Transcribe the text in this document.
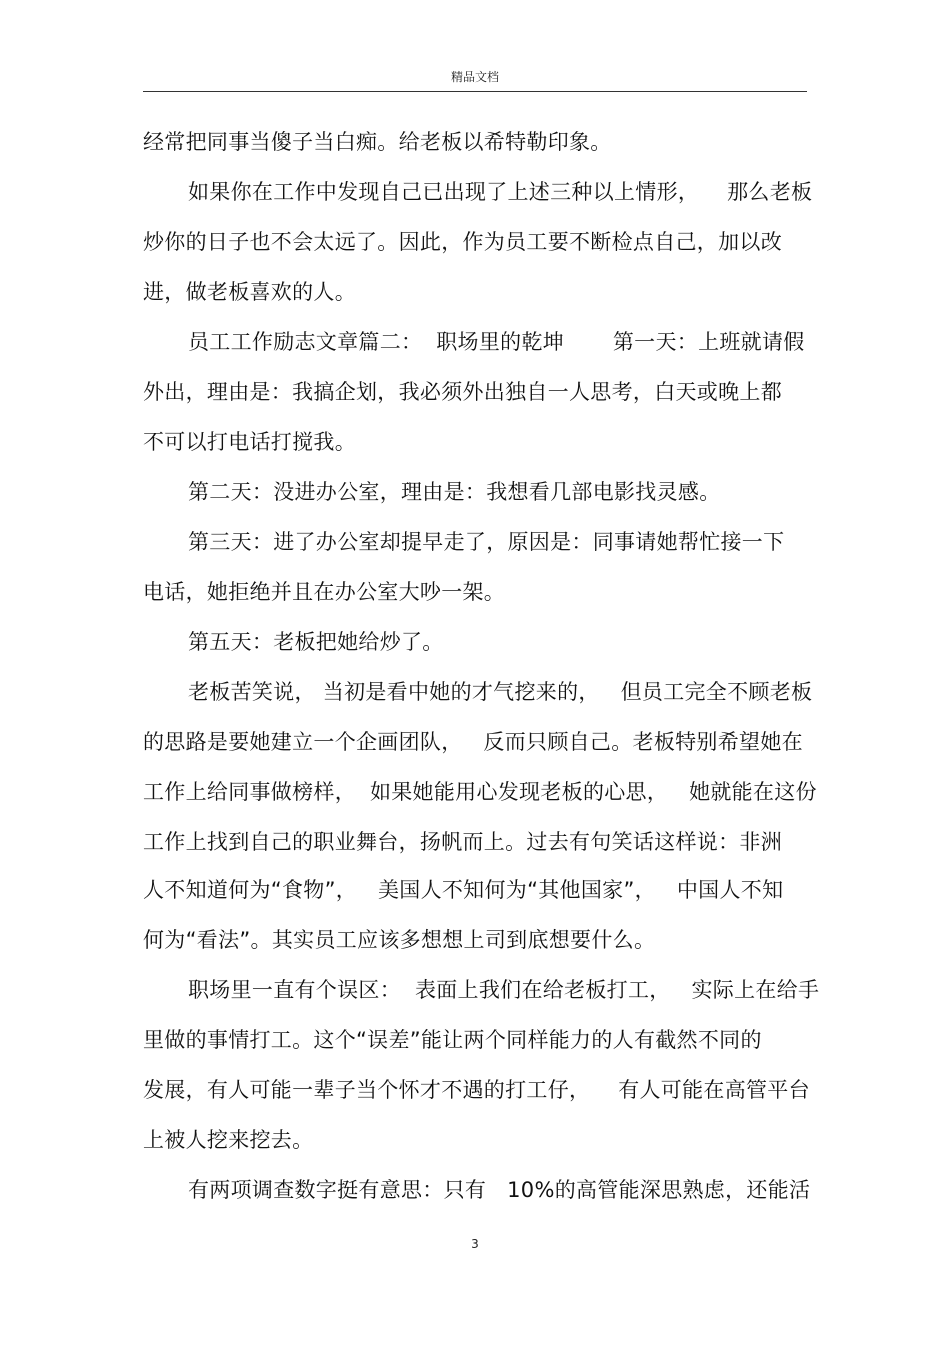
精品文档
经常把同事当傻子当白痴。给老板以希特勒印象。
如果你在工作中发现自己已出现了上述三种以上情形，    那么老板
炒你的日子也不会太远了。因此，作为员工要不断检点自己，加以改
进，做老板喜欢的人。
员工工作励志文章篇二：  职场里的乾坤       第一天：上班就请假
外出，理由是：我搞企划，我必须外出独自一人思考，白天或晚上都
不可以打电话打搅我。
第二天：没进办公室，理由是：我想看几部电影找灵感。
第三天：进了办公室却提早走了，原因是：同事请她帮忙接一下
电话，她拒绝并且在办公室大吵一架。
第五天：老板把她给炒了。
老板苦笑说， 当初是看中她的才气挖来的，   但员工完全不顾老板
的思路是要她建立一个企画团队，   反而只顾自己。老板特别希望她在
工作上给同事做榜样，  如果她能用心发现老板的心思，   她就能在这份
工作上找到自己的职业舞台，扬帆而上。过去有句笑话这样说：非洲
人不知道何为“食物”，   美国人不知何为“其他国家”，   中国人不知
何为“看法”。其实员工应该多想想上司到底想要什么。
职场里一直有个误区：  表面上我们在给老板打工，   实际上在给手
里做的事情打工。这个“误差”能让两个同样能力的人有截然不同的
发展，有人可能一辈子当个怀才不遇的打工仔，    有人可能在高管平台
上被人挖来挖去。
有两项调查数字挺有意思：只有   10%的高管能深思熟虑，还能活
3
